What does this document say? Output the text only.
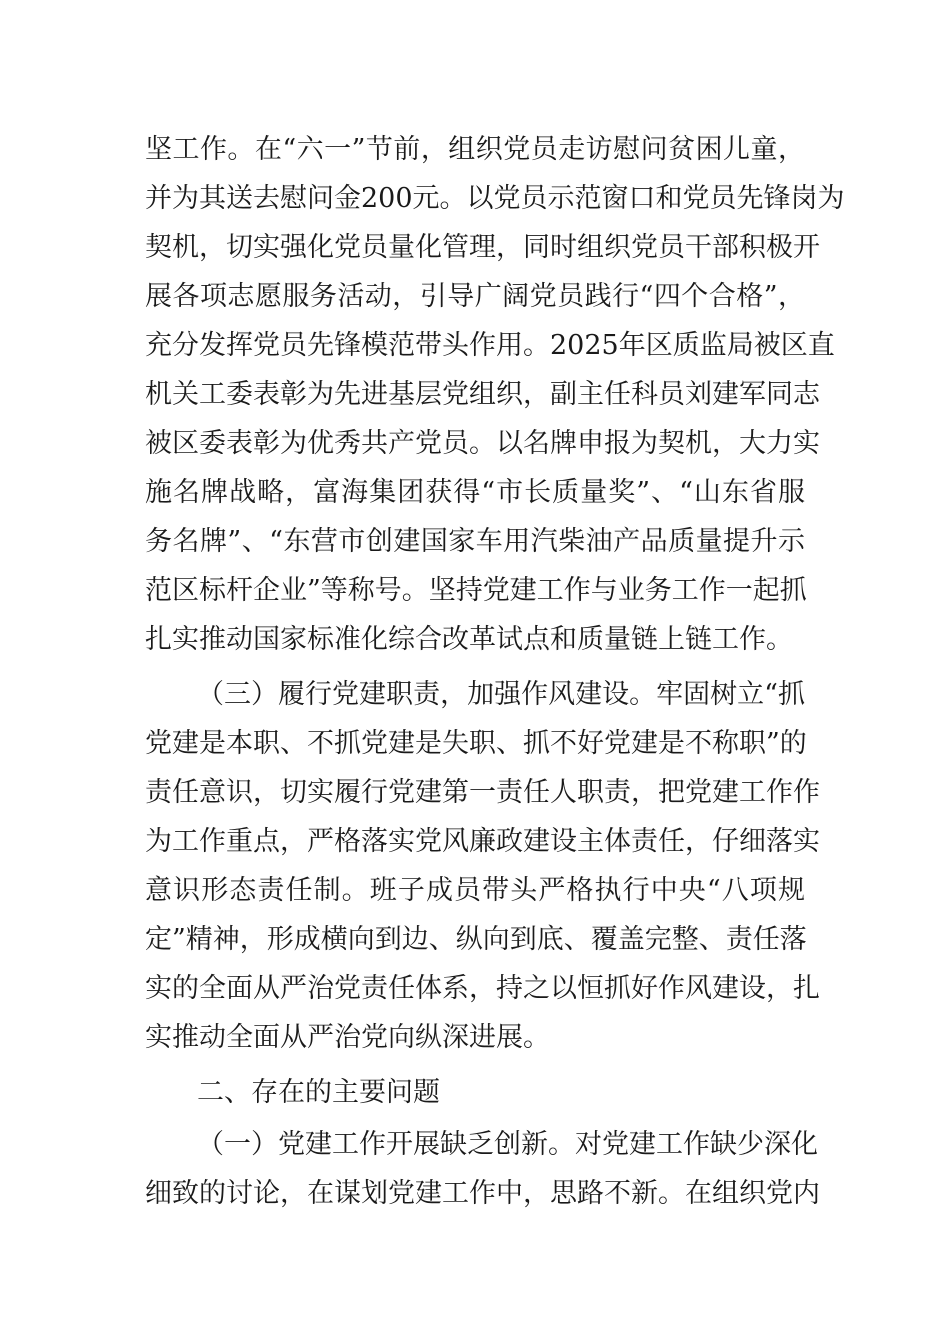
坚工作。在“六一”节前，组织党员走访慰问贫困儿童，
并为其送去慰问金200元。以党员示范窗口和党员先锋岗为
契机，切实强化党员量化管理，同时组织党员干部积极开
展各项志愿服务活动，引导广阔党员践行“四个合格”，
充分发挥党员先锋模范带头作用。2025年区质监局被区直
机关工委表彰为先进基层党组织，副主任科员刘建军同志
被区委表彰为优秀共产党员。以名牌申报为契机，大力实
施名牌战略，富海集团获得“市长质量奖”、“山东省服
务名牌”、“东营市创建国家车用汽柴油产品质量提升示
范区标杆企业”等称号。坚持党建工作与业务工作一起抓
扎实推动国家标准化综合改革试点和质量链上链工作。
（三）履行党建职责，加强作风建设。牢固树立“抓
党建是本职、不抓党建是失职、抓不好党建是不称职”的
责任意识，切实履行党建第一责任人职责，把党建工作作
为工作重点，严格落实党风廉政建设主体责任，仔细落实
意识形态责任制。班子成员带头严格执行中央“八项规
定”精神，形成横向到边、纵向到底、覆盖完整、责任落
实的全面从严治党责任体系，持之以恒抓好作风建设，扎
实推动全面从严治党向纵深进展。
二、存在的主要问题
（一）党建工作开展缺乏创新。对党建工作缺少深化
细致的讨论，在谋划党建工作中，思路不新。在组织党内
